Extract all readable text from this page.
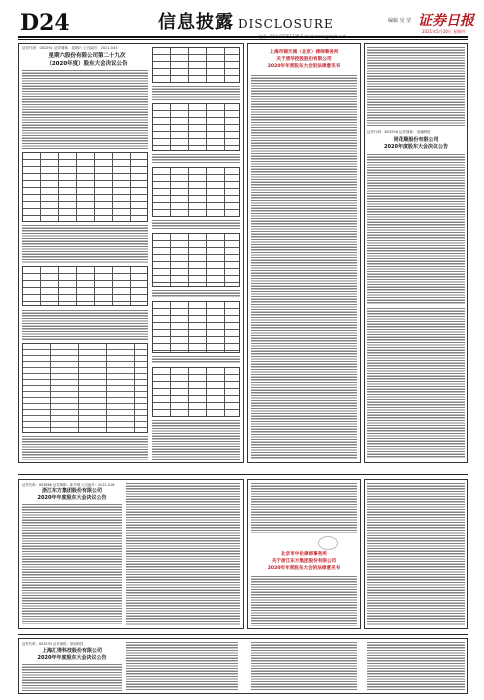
D24	信息披露 DISCLOSURE	编辑 吴 莹 证券日报
2021年5月20日 星期四
证券代码：002291 证券简称：星期六 公告编号：2021-043
星期六股份有限公司第二十九次
（2020年度）股东大会决议公告
上海市锦天城（北京）律师事务所
关于清华控股股份有限公司
2020年年度股东大会的法律意见书
证券代码：603258 证券简称：电魂网络
同花顺股份有限公司
2020年度股东大会决议公告
证券代码：603888 证券简称：新华网 公告编号：2021-018
浙江东方集团股份有限公司
2020年年度股东大会决议公告
北京市中伦律师事务所
关于浙江东方集团股份有限公司
2020年年度股东大会的法律意见书
证券代码：603533 证券简称：掌阅科技
上海汇得科技股份有限公司
2020年年度股东大会决议公告
